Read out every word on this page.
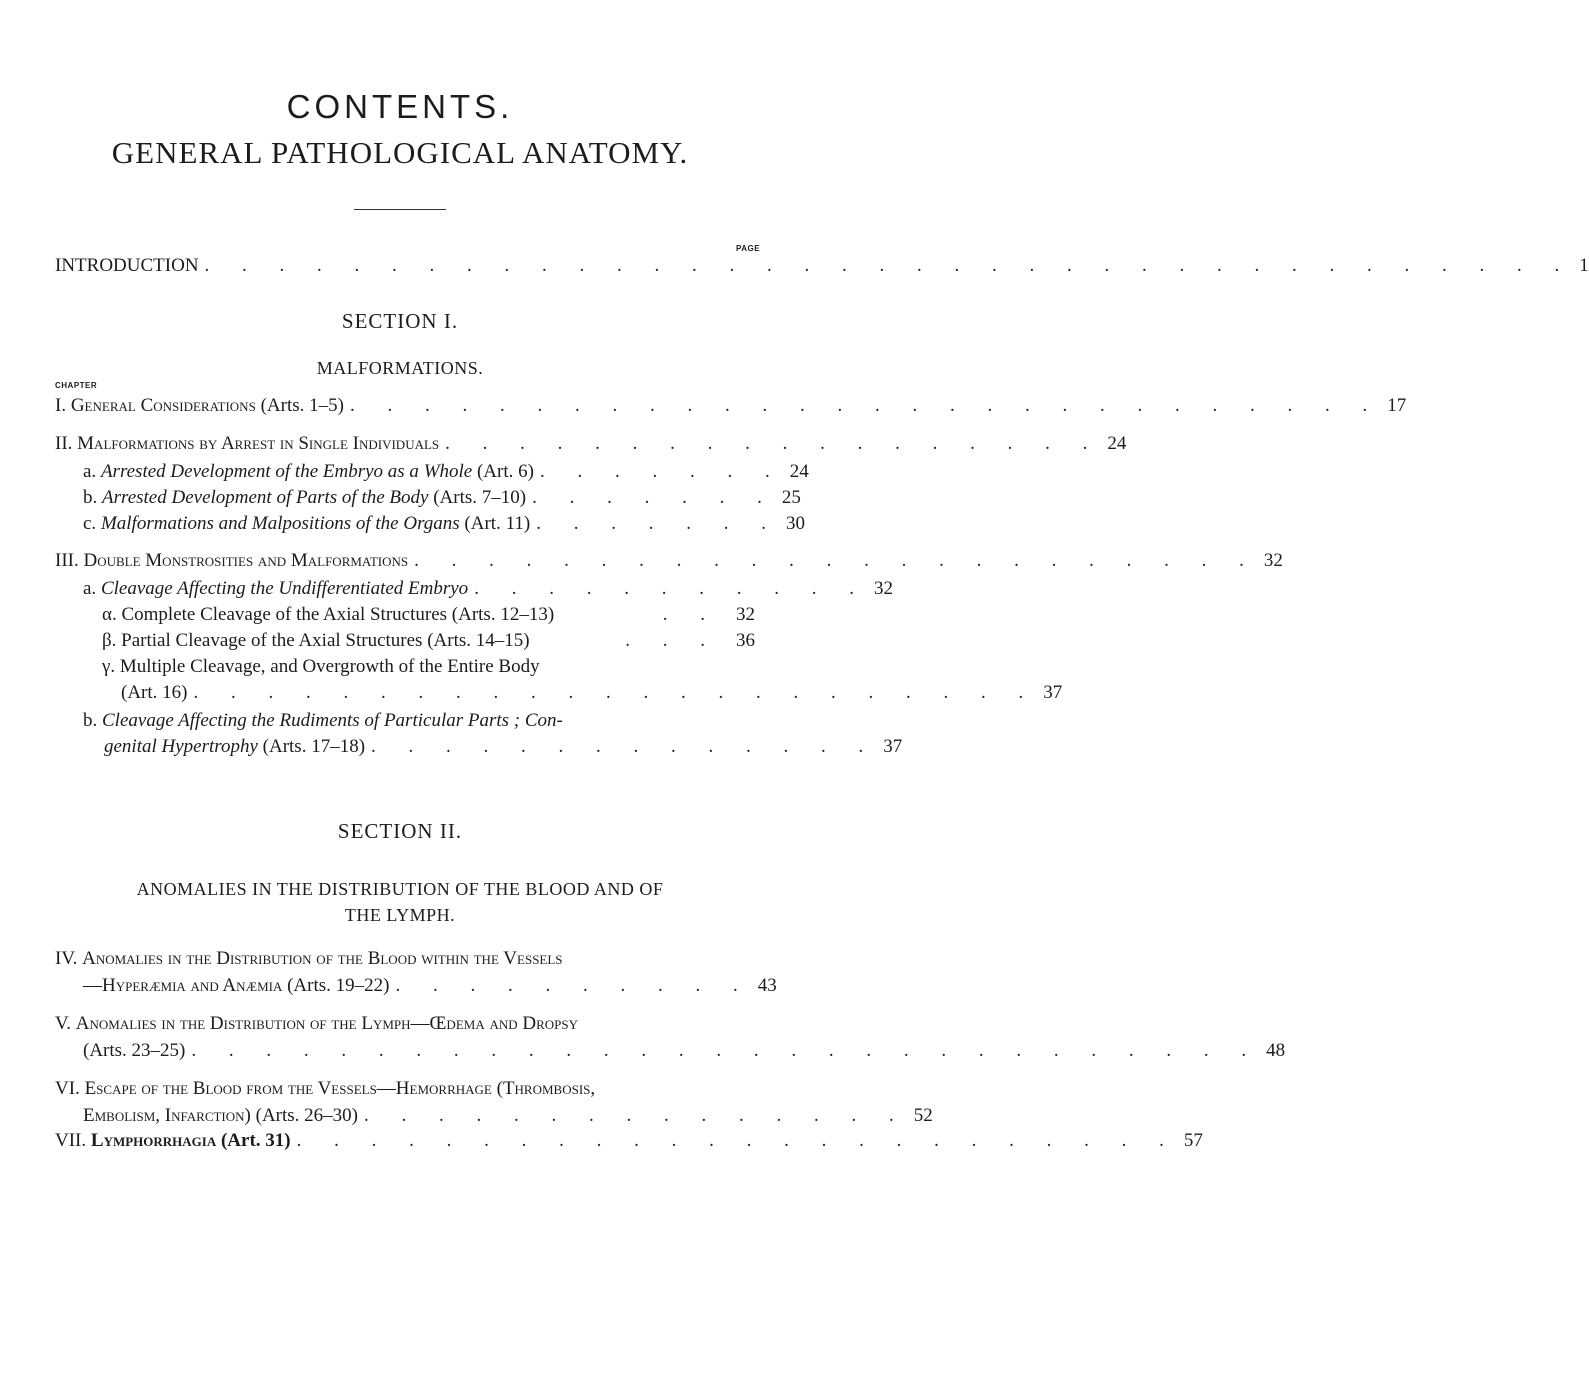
CONTENTS.
GENERAL PATHOLOGICAL ANATOMY.
PAGE
INTRODUCTION . . . . . . . . . . . . . . . . . . . . . . . . . . . . . . . . . . . . . 1
SECTION I.
MALFORMATIONS.
CHAPTER
I. General Considerations (Arts. 1–5) . . . . . . . . . . . . . . . . . . . . . . . . . . . . 17
II. Malformations by Arrest in Single Individuals . . . . . . . . . . . . . . . . . . 24
a. Arrested Development of the Embryo as a Whole (Art. 6) . . . . . . . 24
b. Arrested Development of Parts of the Body (Arts. 7–10) . . . . . . . 25
c. Malformations and Malpositions of the Organs (Art. 11) . . . . . . . 30
III. Double Monstrosities and Malformations . . . . . . . . . . . . . . . . . . . . . . . 32
a. Cleavage Affecting the Undifferentiated Embryo . . . . . . . . . . . 32
α. Complete Cleavage of the Axial Structures (Arts. 12–13)	. . 32
β. Partial Cleavage of the Axial Structures (Arts. 14–15)	. . . 36
γ. Multiple Cleavage, and Overgrowth of the Entire Body
(Art. 16) . . . . . . . . . . . . . . . . . . . . . . . 37
b. Cleavage Affecting the Rudiments of Particular Parts ; Con-
genital Hypertrophy (Arts. 17–18) . . . . . . . . . . . . . . 37
SECTION II.
ANOMALIES IN THE DISTRIBUTION OF THE BLOOD AND OF
THE LYMPH.
IV. Anomalies in the Distribution of the Blood within the Vessels
—Hyperæmia and Anæmia (Arts. 19–22) . . . . . . . . . . 43
V. Anomalies in the Distribution of the Lymph—Œdema and Dropsy
(Arts. 23–25) . . . . . . . . . . . . . . . . . . . . . . . . . . . . . 48
VI. Escape of the Blood from the Vessels—Hemorrhage (Thrombosis,
Embolism, Infarction) (Arts. 26–30) . . . . . . . . . . . . . . . 52
VII. Lymphorrhagia (Art. 31) . . . . . . . . . . . . . . . . . . . . . . . . 57
